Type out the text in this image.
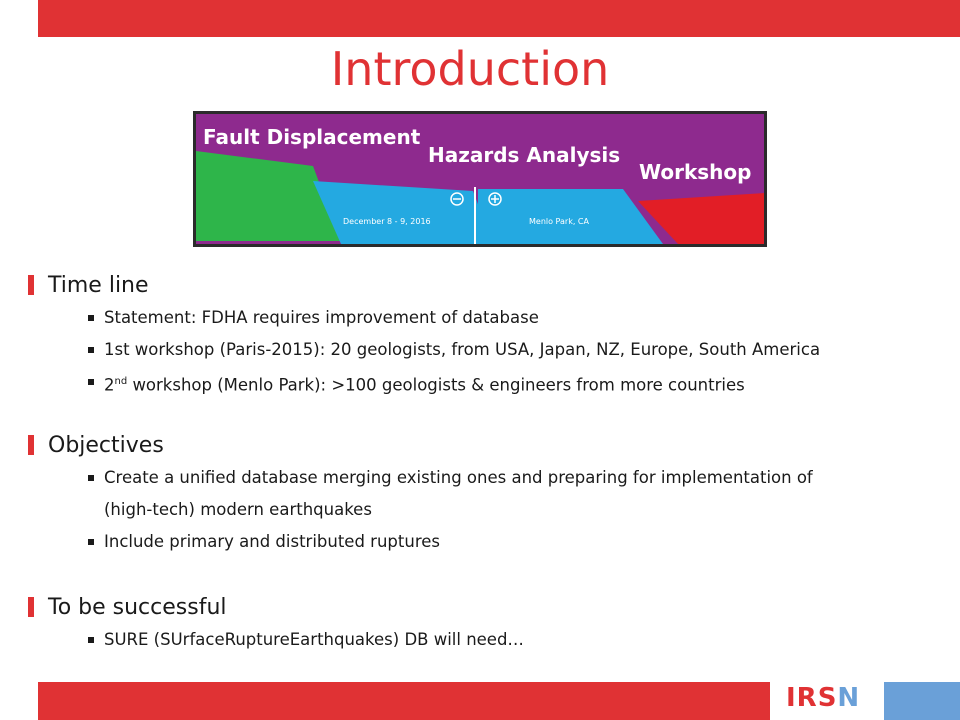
Introduction
Fault Displacement
Hazards Analysis
Workshop
December 8 - 9, 2016	Menlo Park, CA
Time line
Statement: FDHA requires improvement of database
1st workshop (Paris-2015): 20 geologists, from USA, Japan, NZ, Europe, South America
2nd workshop (Menlo Park): >100 geologists & engineers from more countries
Objectives
Create a unified database merging existing ones and preparing for implementation of
(high-tech) modern earthquakes
Include primary and distributed ruptures
To be successful
SURE (SUrfaceRuptureEarthquakes) DB will need…
IRSN
